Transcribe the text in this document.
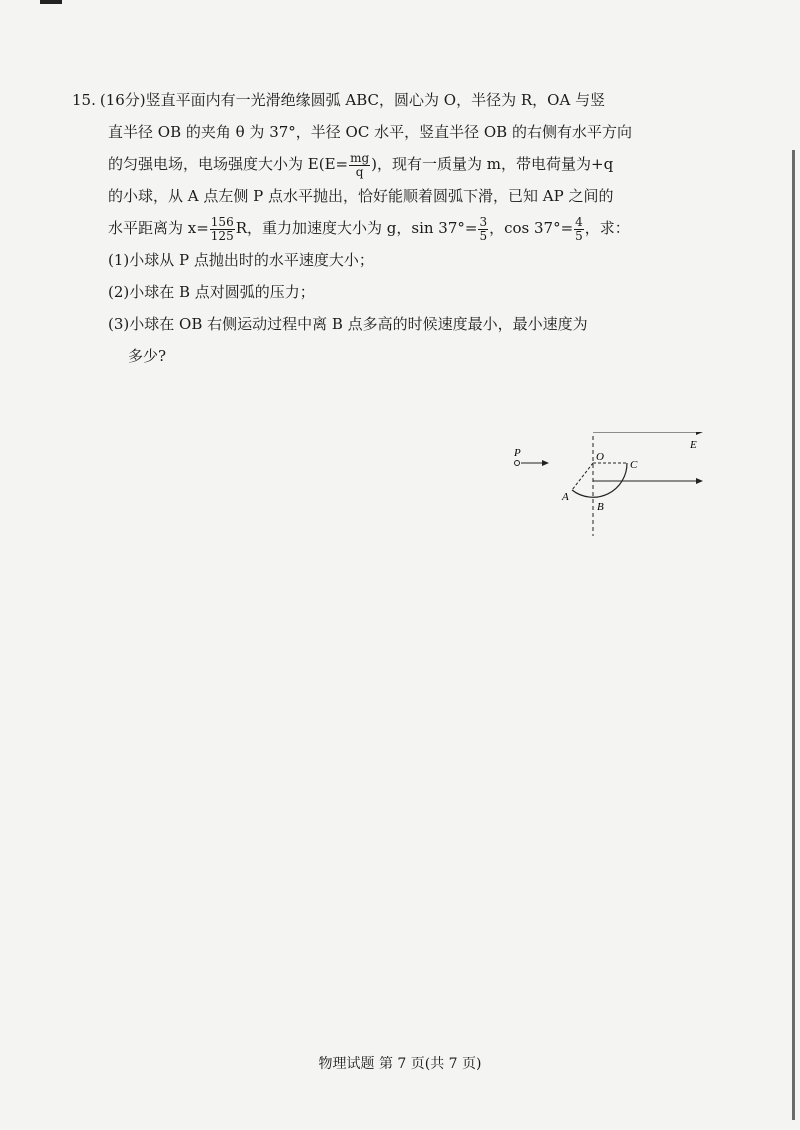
15. (16分)竖直平面内有一光滑绝缘圆弧 ABC，圆心为 O，半径为 R，OA 与竖
直半径 OB 的夹角 θ 为 37°，半径 OC 水平，竖直半径 OB 的右侧有水平方向
的匀强电场，电场强度大小为 $E(E= \frac{mg}{q}$ )，现有一质量为 m，带电荷量为+q
的小球，从 A 点左侧 P 点水平抛出，恰好能顺着圆弧下滑，已知 AP 之间的
水平距离为 $x= \frac{156}{125}$ R，重力加速度大小为 g，$\sin 37^\circ= \frac{3}{5}$ ，$\cos 37^\circ= \frac{4}{5}$ ，求：
(1)小球从 P 点抛出时的水平速度大小；
(2)小球在 B 点对圆弧的压力；
(3)小球在 OB 右侧运动过程中离 B 点多高的时候速度最小，最小速度为
多少?
P	O
C
E
A
B
物理试题 第 7 页(共 7 页)
